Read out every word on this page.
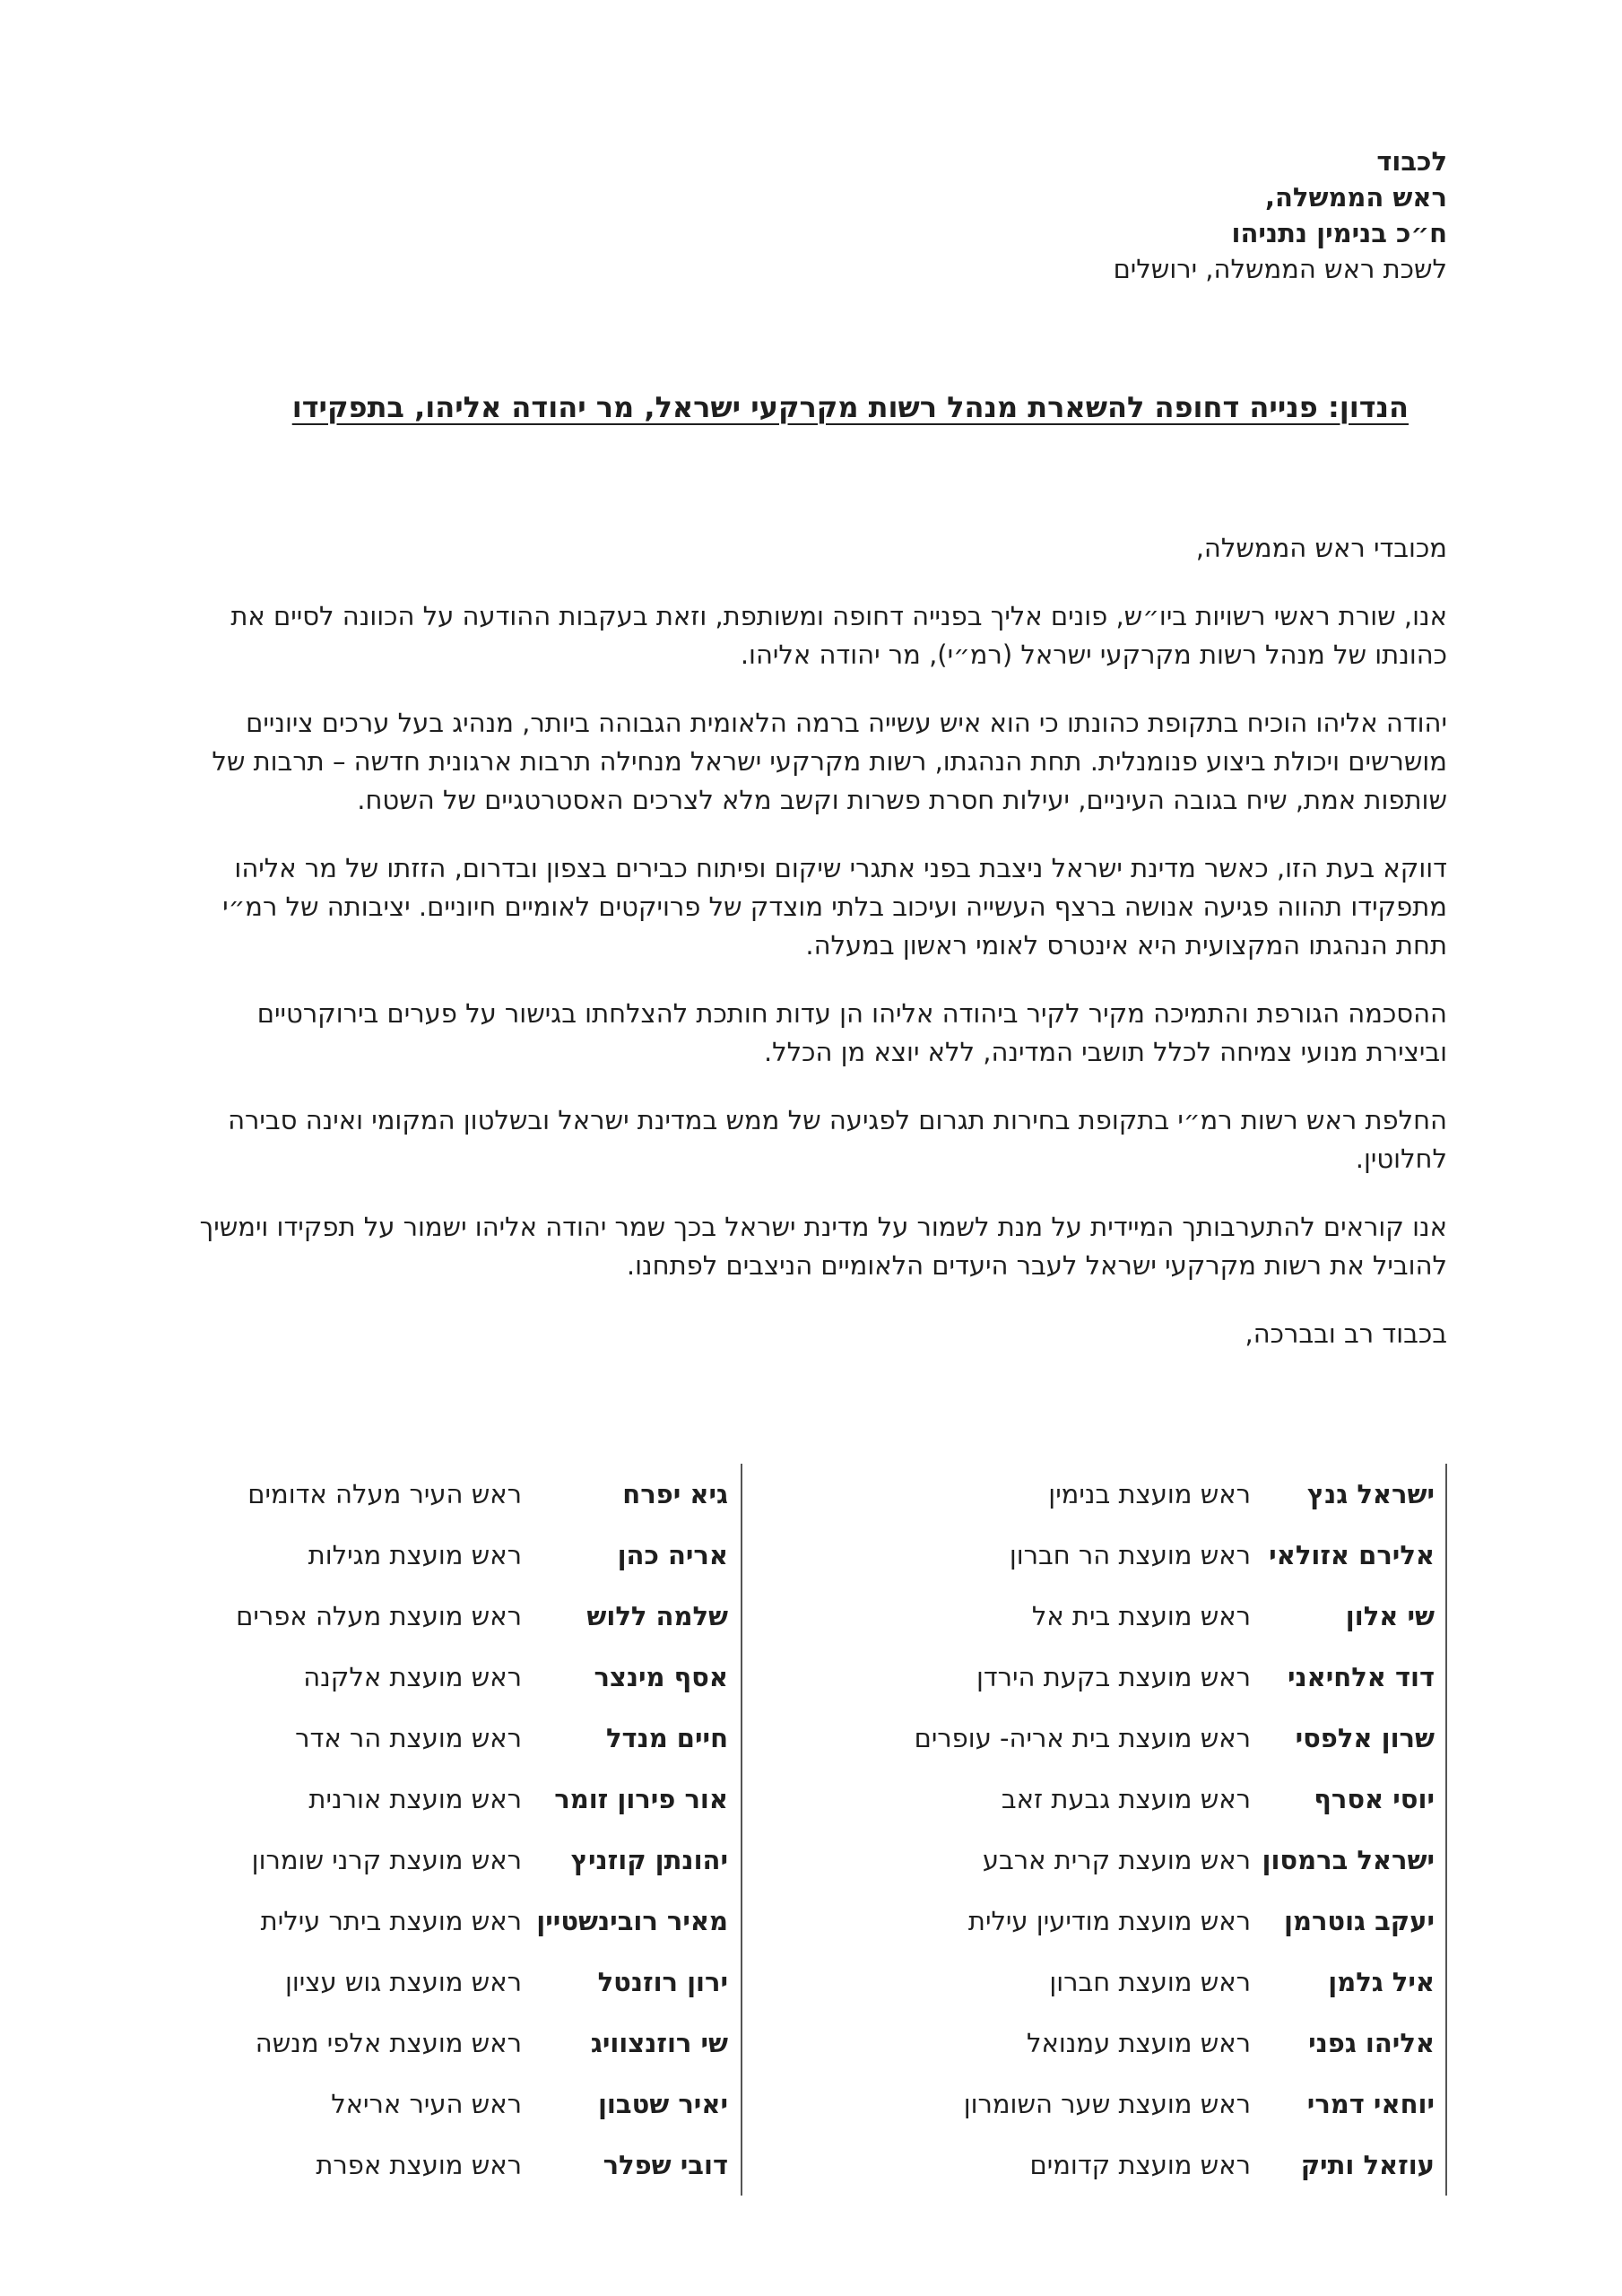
לכבוד
ראש הממשלה,
ח״כ בנימין נתניהו
לשכת ראש הממשלה, ירושלים
הנדון: פנייה דחופה להשארת מנהל רשות מקרקעי ישראל, מר יהודה אליהו, בתפקידו

מכובדי ראש הממשלה,

אנו, שורת ראשי רשויות ביו״ש, פונים אליך בפנייה דחופה ומשותפת, וזאת בעקבות ההודעה על הכוונה לסיים את כהונתו של מנהל רשות מקרקעי ישראל (רמ״י), מר יהודה אליהו.

יהודה אליהו הוכיח בתקופת כהונתו כי הוא איש עשייה ברמה הלאומית הגבוהה ביותר, מנהיג בעל ערכים ציוניים מושרשים ויכולת ביצוע פנומנלית. תחת הנהגתו, רשות מקרקעי ישראל מנחילה תרבות ארגונית חדשה – תרבות של שותפות אמת, שיח בגובה העיניים, יעילות חסרת פשרות וקשב מלא לצרכים האסטרטגיים של השטח.

דווקא בעת הזו, כאשר מדינת ישראל ניצבת בפני אתגרי שיקום ופיתוח כבירים בצפון ובדרום, הזזתו של מר אליהו מתפקידו תהווה פגיעה אנושה ברצף העשייה ועיכוב בלתי מוצדק של פרויקטים לאומיים חיוניים. יציבותה של רמ״י תחת הנהגתו המקצועית היא אינטרס לאומי ראשון במעלה.

ההסכמה הגורפת והתמיכה מקיר לקיר ביהודה אליהו הן עדות חותכת להצלחתו בגישור על פערים בירוקרטיים וביצירת מנועי צמיחה לכלל תושבי המדינה, ללא יוצא מן הכלל.

החלפת ראש רשות רמ״י בתקופת בחירות תגרום לפגיעה של ממש במדינת ישראל ובשלטון המקומי ואינה סבירה לחלוטין.

אנו קוראים להתערבותך המיידית על מנת לשמור על מדינת ישראל בכך שמר יהודה אליהו ישמור על תפקידו וימשיך להוביל את רשות מקרקעי ישראל לעבר היעדים הלאומיים הניצבים לפתחנו.

בכבוד רב ובברכה,

ישראל גנץ
ראש מועצת בנימין
אלירם אזולאי
ראש מועצת הר חברון
שי אלון
ראש מועצת בית אל
דוד אלחיאני
ראש מועצת בקעת הירדן
שרון אלפסי
ראש מועצת בית אריה- עופרים
יוסי אסרף
ראש מועצת גבעת זאב
ישראל ברמסון
ראש מועצת קרית ארבע
יעקב גוטרמן
ראש מועצת מודיעין עילית
איל גלמן
ראש מועצת חברון
אליהו גפני
ראש מועצת עמנואל
יוחאי דמרי
ראש מועצת שער השומרון
עוזאל ותיק
ראש מועצת קדומים
גיא יפרח
ראש העיר מעלה אדומים
אריה כהן
ראש מועצת מגילות
שלמה ללוש
ראש מועצת מעלה אפרים
אסף מינצר
ראש מועצת אלקנה
חיים מנדל
ראש מועצת הר אדר
אור פירון זומר
ראש מועצת אורנית
יהונתן קוזניץ
ראש מועצת קרני שומרון
מאיר רובינשטיין
ראש מועצת ביתר עילית
ירון רוזנטל
ראש מועצת גוש עציון
שי רוזנצוויג
ראש מועצת אלפי מנשה
יאיר שטבון
ראש העיר אריאל
דובי שפלר
ראש מועצת אפרת
